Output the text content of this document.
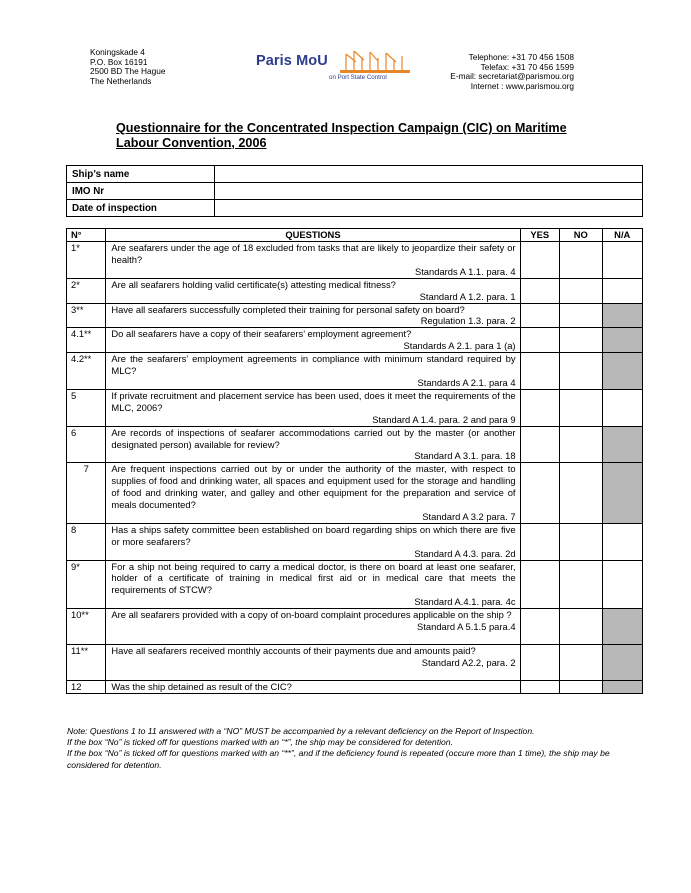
Koningskade 4
P.O. Box 16191
2500 BD The Hague
The Netherlands
Paris MoU
on Port State Control
Telephone: +31 70 456 1508
Telefax: +31 70 456 1599
E-mail: secretariat@parismou.org
Internet : www.parismou.org
Questionnaire for the Concentrated Inspection Campaign (CIC) on Maritime Labour Convention, 2006
Ship’s name	
IMO Nr	
Date of inspection	
N°	QUESTIONS	YES	NO	N/A
1*	Are seafarers under the age of 18 excluded from tasks that are likely to jeopardize their safety or health?
Standards A 1.1. para. 4			

2*	Are all seafarers holding valid certificate(s) attesting medical fitness?
Standard A 1.2. para. 1			

3**	Have all seafarers successfully completed their training for personal safety on board?
Regulation 1.3. para. 2			

4.1**	Do all seafarers have a copy of their seafarers’ employment agreement?
Standards A 2.1. para 1 (a)			

4.2**	Are the seafarers’ employment agreements in compliance with minimum standard required by MLC?
Standards A 2.1. para 4			

5	If private recruitment and placement service has been used, does it meet the requirements of the MLC, 2006?
Standard A 1.4. para. 2 and para 9			

6	Are records of inspections of seafarer accommodations carried out by the master (or another designated person) available for review?
Standard A 3.1. para. 18			

7	Are frequent inspections carried out by or under the authority of the master, with respect to supplies of food and drinking water, all spaces and equipment used for the storage and handling of food and drinking water, and galley and other equipment for the preparation and service of meals documented?
Standard A 3.2 para. 7			

8	Has a ships safety committee been established on board regarding ships on which there are five or more seafarers?
Standard A 4.3. para. 2d			

9*	For a ship not being required to carry a medical doctor, is there on board at least one seafarer, holder of a certificate of training in medical first aid or in medical care that meets the requirements of STCW?
Standard A.4.1. para. 4c			

10**	Are all seafarers provided with a copy of on-board complaint procedures applicable on the ship ?
Standard A 5.1.5 para.4			

11**	Have all seafarers received monthly accounts of their payments due and amounts paid?
Standard A2.2, para. 2			

12	Was the ship detained as result of the CIC?			

Note: Questions 1 to 11 answered with a “NO” MUST be accompanied by a relevant deficiency on the Report of Inspection.
If the box “No” is ticked off for questions marked with an “*”, the ship may be considered for detention.
If the box “No” is ticked off for questions marked with an “**”, and if the deficiency found is repeated (occure more than 1 time), the ship may be considered for detention.
